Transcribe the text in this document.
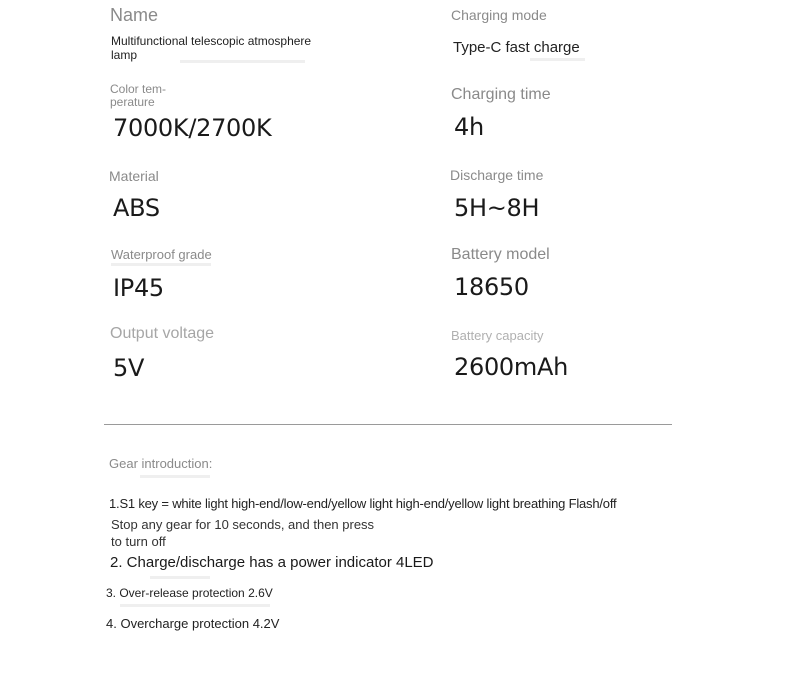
Name
Multifunctional telescopic atmosphere
lamp
Color tem-
perature
7000K/2700K
Material
ABS
Waterproof grade
IP45
Output voltage
5V
Charging mode
Type-C fast charge
Charging time
4h
Discharge time
5H~8H
Battery model
18650
Battery capacity
2600mAh
Gear introduction:
1.S1 key = white light high-end/low-end/yellow light high-end/yellow light breathing Flash/off
Stop any gear for 10 seconds, and then press
to turn off
2. Charge/discharge has a power indicator 4LED
3. Over-release protection 2.6V
4. Overcharge protection 4.2V
